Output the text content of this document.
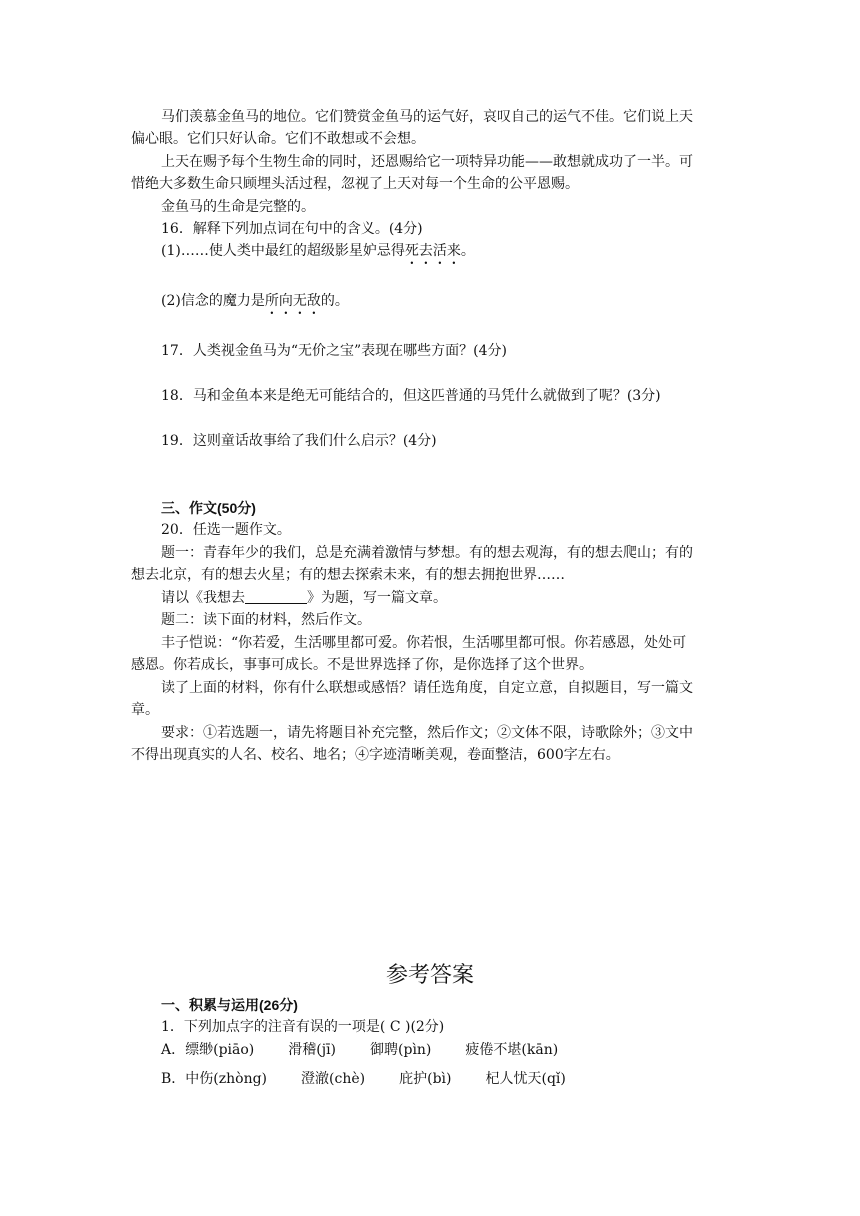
马们羡慕金鱼马的地位。它们赞赏金鱼马的运气好，哀叹自己的运气不佳。它们说上天
偏心眼。它们只好认命。它们不敢想或不会想。
上天在赐予每个生物生命的同时，还恩赐给它一项特异功能——敢想就成功了一半。可
惜绝大多数生命只顾埋头活过程，忽视了上天对每一个生命的公平恩赐。
金鱼马的生命是完整的。
16．解释下列加点词在句中的含义。(4分)
(1)……使人类中最红的超级影星妒忌得死去活来。
(2)信念的魔力是所向无敌的。
17．人类视金鱼马为“无价之宝”表现在哪些方面？(4分)
18．马和金鱼本来是绝无可能结合的，但这匹普通的马凭什么就做到了呢？(3分)
19．这则童话故事给了我们什么启示？(4分)
三、作文(50分)
20．任选一题作文。
题一：青春年少的我们，总是充满着激情与梦想。有的想去观海，有的想去爬山；有的
想去北京，有的想去火星；有的想去探索未来，有的想去拥抱世界……
请以《我想去	》为题，写一篇文章。
题二：读下面的材料，然后作文。
丰子恺说：“你若爱，生活哪里都可爱。你若恨，生活哪里都可恨。你若感恩，处处可
感恩。你若成长，事事可成长。不是世界选择了你，是你选择了这个世界。
读了上面的材料，你有什么联想或感悟？请任选角度，自定立意，自拟题目，写一篇文
章。
要求：①若选题一，请先将题目补充完整，然后作文；②文体不限，诗歌除外；③文中
不得出现真实的人名、校名、地名；④字迹清晰美观，卷面整洁，600字左右。
参考答案
一、积累与运用(26分)
1．下列加点字的注音有误的一项是( C )(2分)
A．缥缈(piāo) 滑稽(jī) 御聘(pìn) 疲倦不堪(kān)
B．中伤(zhòng) 澄澈(chè) 庇护(bì) 杞人忧天(qǐ)
